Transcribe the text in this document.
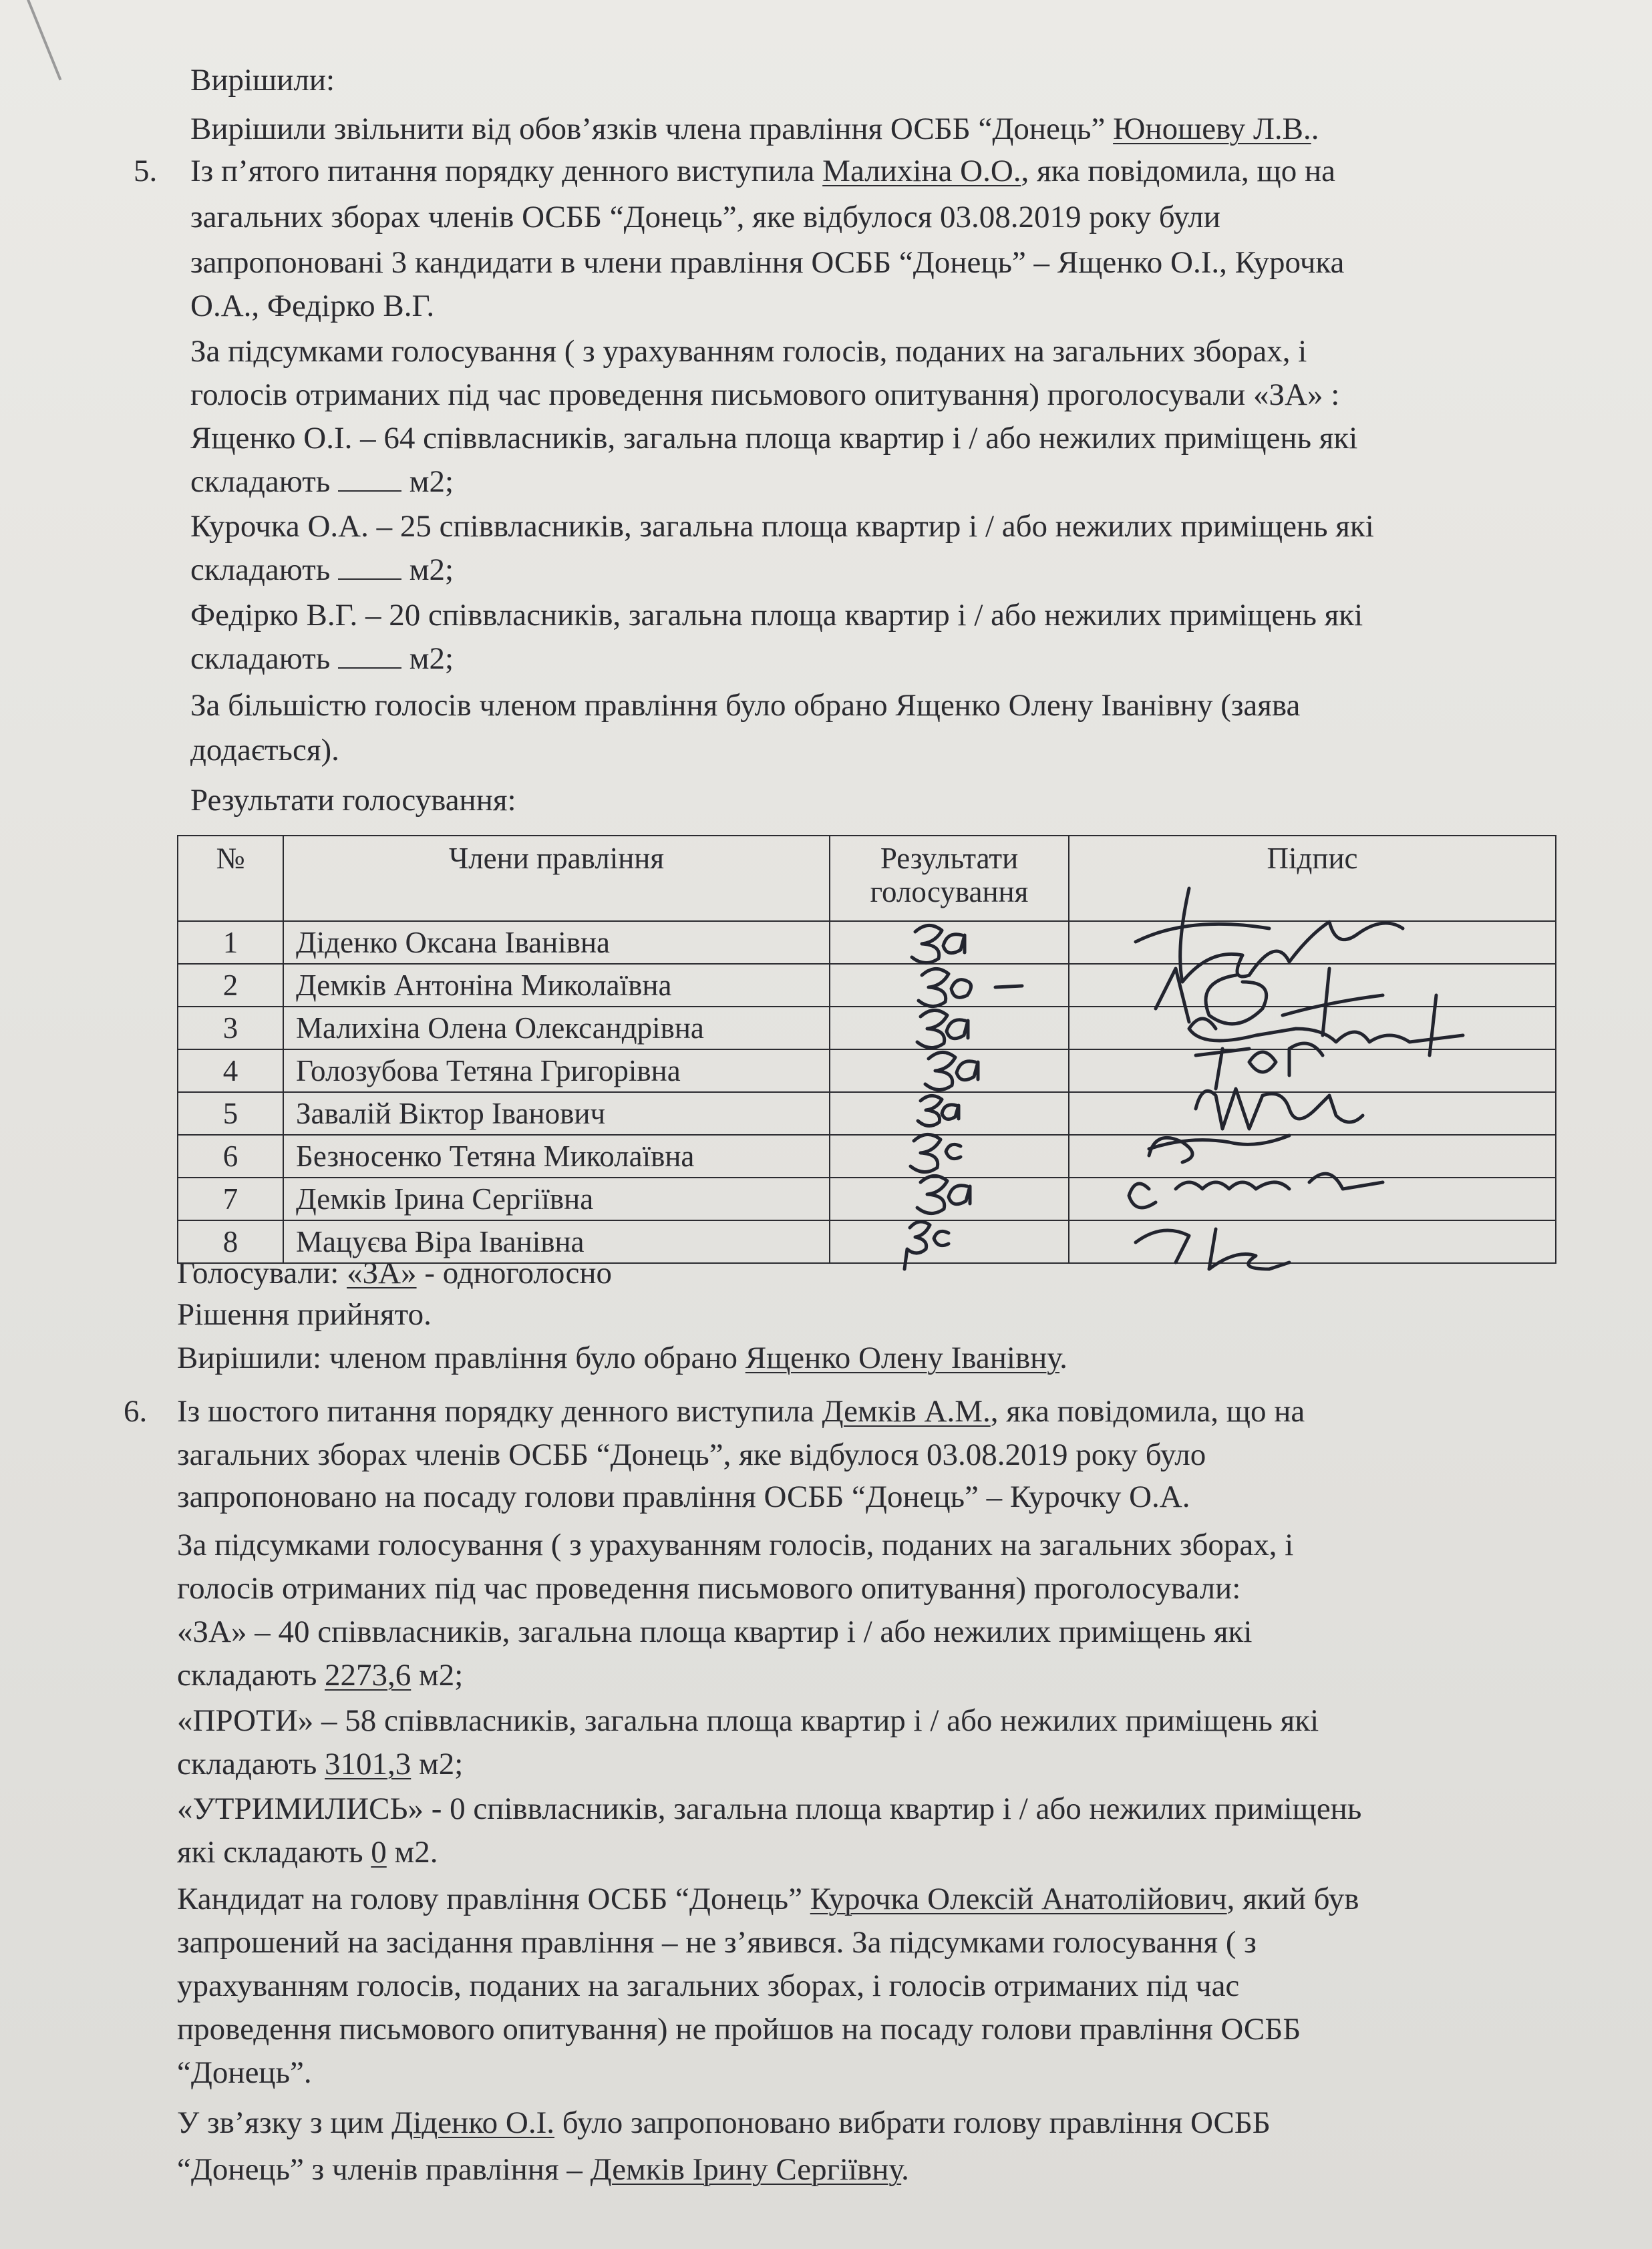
Вирішили:
Вирішили звільнити від обов’язків члена правління ОСББ “Донець” Юношеву Л.В..
5. Із п’ятого питання порядку денного виступила Малихіна О.О., яка повідомила, що на
загальних зборах членів ОСББ “Донець”, яке відбулося 03.08.2019 року були
запропоновані 3 кандидати в члени правління ОСББ “Донець” – Ященко О.І., Курочка
О.А., Федірко В.Г.
За підсумками голосування ( з урахуванням голосів, поданих на загальних зборах, і
голосів отриманих під час проведення письмового опитування) проголосували «ЗА» :
Ященко О.І. – 64 співвласників, загальна площа квартир і / або нежилих приміщень які
складають	м2;
Курочка О.А. – 25 співвласників, загальна площа квартир і / або нежилих приміщень які
складають	м2;
Федірко В.Г. – 20 співвласників, загальна площа квартир і / або нежилих приміщень які
складають	м2;
За більшістю голосів членом правління було обрано Ященко Олену Іванівну (заява
додається).
Результати голосування:
№	Члени правління	Результати голосування	Підпис
1	Діденко Оксана Іванівна		
2	Демків Антоніна Миколаївна		
3	Малихіна Олена Олександрівна		
4	Голозубова Тетяна Григорівна		
5	Завалій Віктор Іванович		
6	Безносенко Тетяна Миколаївна		
7	Демків Ірина Сергіївна		
8	Мацуєва Віра Іванівна		
Голосували: «ЗА» - одноголосно
Рішення прийнято.
Вирішили: членом правління було обрано Ященко Олену Іванівну.
6. Із шостого питання порядку денного виступила Демків А.М., яка повідомила, що на
загальних зборах членів ОСББ “Донець”, яке відбулося 03.08.2019 року було
запропоновано на посаду голови правління ОСББ “Донець” – Курочку О.А.
За підсумками голосування ( з урахуванням голосів, поданих на загальних зборах, і
голосів отриманих під час проведення письмового опитування) проголосували:
«ЗА» – 40 співвласників, загальна площа квартир і / або нежилих приміщень які
складають 2273,6 м2;
«ПРОТИ» – 58 співвласників, загальна площа квартир і / або нежилих приміщень які
складають 3101,3 м2;
«УТРИМИЛИСЬ» - 0 співвласників, загальна площа квартир і / або нежилих приміщень
які складають 0 м2.
Кандидат на голову правління ОСББ “Донець” Курочка Олексій Анатолійович, який був
запрошений на засідання правління – не з’явився. За підсумками голосування ( з
урахуванням голосів, поданих на загальних зборах, і голосів отриманих під час
проведення письмового опитування) не пройшов на посаду голови правління ОСББ
“Донець”.
У зв’язку з цим Діденко О.І. було запропоновано вибрати голову правління ОСББ
“Донець” з членів правління – Демків Ірину Сергіївну.
